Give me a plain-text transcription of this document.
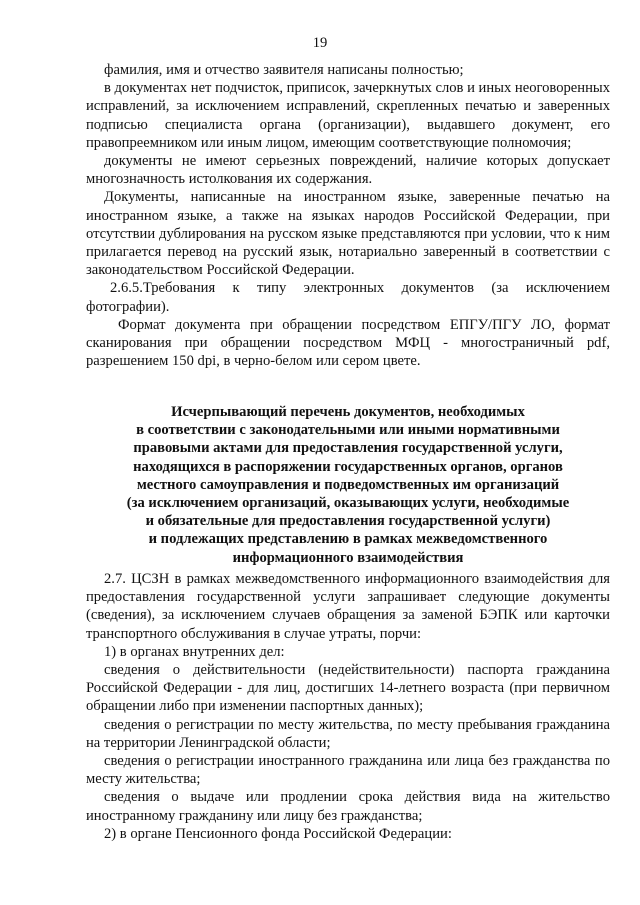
19

фамилия, имя и отчество заявителя написаны полностью;

в документах нет подчисток, приписок, зачеркнутых слов и иных неоговоренных исправлений, за исключением исправлений, скрепленных печатью и заверенных подписью специалиста органа (организации), выдавшего документ, его правопреемником или иным лицом, имеющим соответствующие полномочия;

документы не имеют серьезных повреждений, наличие которых допускает многозначность истолкования их содержания.

Документы, написанные на иностранном языке, заверенные печатью на иностранном языке, а также на языках народов Российской Федерации, при отсутствии дублирования на русском языке представляются при условии, что к ним прилагается перевод на русский язык, нотариально заверенный в соответствии с законодательством Российской Федерации.

2.6.5.Требования к типу электронных документов (за исключением фотографии).

Формат документа при обращении посредством ЕПГУ/ПГУ ЛО, формат сканирования при обращении посредством МФЦ - многостраничный pdf, разрешением 150 dpi, в черно-белом или сером цвете.

Исчерпывающий перечень документов, необходимых
в соответствии с законодательными или иными нормативными
правовыми актами для предоставления государственной услуги,
находящихся в распоряжении государственных органов, органов
местного самоуправления и подведомственных им организаций
(за исключением организаций, оказывающих услуги, необходимые
и обязательные для предоставления государственной услуги)
и подлежащих представлению в рамках межведомственного
информационного взаимодействия

2.7. ЦСЗН в рамках межведомственного информационного взаимодействия для предоставления государственной услуги запрашивает следующие документы (сведения), за исключением случаев обращения за заменой БЭПК или карточки транспортного обслуживания в случае утраты, порчи:

1) в органах внутренних дел:

сведения о действительности (недействительности) паспорта гражданина Российской Федерации - для лиц, достигших 14-летнего возраста (при первичном обращении либо при изменении паспортных данных);

сведения о регистрации по месту жительства, по месту пребывания гражданина на территории Ленинградской области;

сведения о регистрации иностранного гражданина или лица без гражданства по месту жительства;

сведения о выдаче или продлении срока действия вида на жительство иностранному гражданину или лицу без гражданства;

2) в органе Пенсионного фонда Российской Федерации:
